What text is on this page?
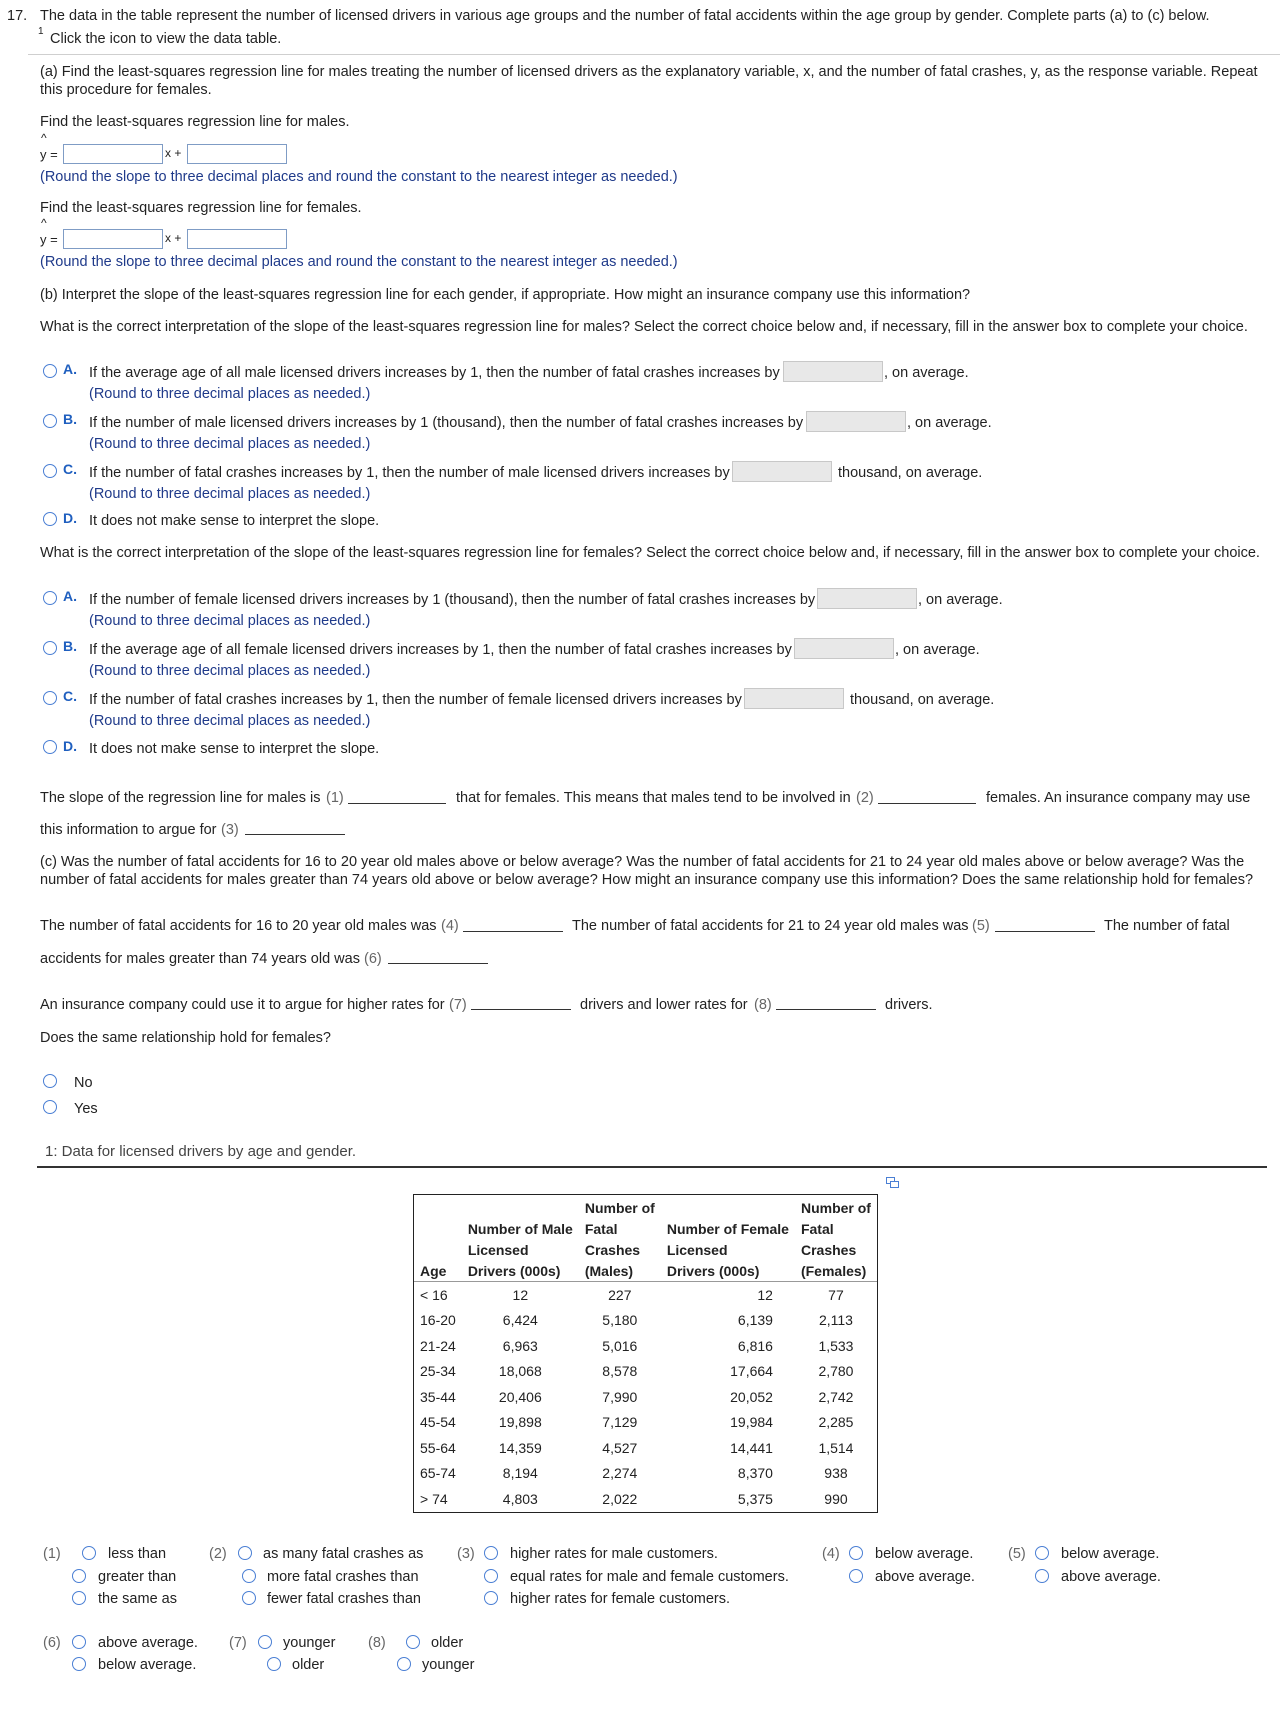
17. The data in the table represent the number of licensed drivers in various age groups and the number of fatal accidents within the age group by gender. Complete parts (a) to (c) below.
1 Click the icon to view the data table.
(a) Find the least-squares regression line for males treating the number of licensed drivers as the explanatory variable, x, and the number of fatal crashes, y, as the response variable. Repeat
this procedure for females.
Find the least-squares regression line for males.
^
y =	x +
(Round the slope to three decimal places and round the constant to the nearest integer as needed.)
Find the least-squares regression line for females.
^
y =	x +
(Round the slope to three decimal places and round the constant to the nearest integer as needed.)
(b) Interpret the slope of the least-squares regression line for each gender, if appropriate. How might an insurance company use this information?
What is the correct interpretation of the slope of the least-squares regression line for males? Select the correct choice below and, if necessary, fill in the answer box to complete your choice.
A. If the average age of all male licensed drivers increases by 1, then the number of fatal crashes increases by	, on average.
(Round to three decimal places as needed.)
B. If the number of male licensed drivers increases by 1 (thousand), then the number of fatal crashes increases by	, on average.
(Round to three decimal places as needed.)
C. If the number of fatal crashes increases by 1, then the number of male licensed drivers increases by	thousand, on average.
(Round to three decimal places as needed.)
D. It does not make sense to interpret the slope.
What is the correct interpretation of the slope of the least-squares regression line for females? Select the correct choice below and, if necessary, fill in the answer box to complete your choice.
A. If the number of female licensed drivers increases by 1 (thousand), then the number of fatal crashes increases by	, on average.
(Round to three decimal places as needed.)
B. If the average age of all female licensed drivers increases by 1, then the number of fatal crashes increases by	, on average.
(Round to three decimal places as needed.)
C. If the number of fatal crashes increases by 1, then the number of female licensed drivers increases by	thousand, on average.
(Round to three decimal places as needed.)
D. It does not make sense to interpret the slope.
The slope of the regression line for males is (1)	that for females. This means that males tend to be involved in (2)	females. An insurance company may use
this information to argue for (3)
(c) Was the number of fatal accidents for 16 to 20 year old males above or below average? Was the number of fatal accidents for 21 to 24 year old males above or below average? Was the
number of fatal accidents for males greater than 74 years old above or below average? How might an insurance company use this information? Does the same relationship hold for females?
The number of fatal accidents for 16 to 20 year old males was (4)	The number of fatal accidents for 21 to 24 year old males was (5)	The number of fatal
accidents for males greater than 74 years old was (6)
An insurance company could use it to argue for higher rates for (7)	drivers and lower rates for (8)	drivers.
Does the same relationship hold for females?
No
Yes
1: Data for licensed drivers by age and gender.
		Number of		Number of
	Number of Male	Fatal	Number of Female	Fatal
	Licensed	Crashes	Licensed	Crashes
Age	Drivers (000s)	(Males)	Drivers (000s)	(Females)

< 16	12	227	12	77
16-20	6,424	5,180	6,139	2,113
21-24	6,963	5,016	6,816	1,533
25-34	18,068	8,578	17,664	2,780
35-44	20,406	7,990	20,052	2,742
45-54	19,898	7,129	19,984	2,285
55-64	14,359	4,527	14,441	1,514
65-74	8,194	2,274	8,370	938
> 74	4,803	2,022	5,375	990
(1)	less than
greater than
the same as
(2)	as many fatal crashes as
more fatal crashes than
fewer fatal crashes than
(3) higher rates for male customers.
equal rates for male and female customers.
higher rates for female customers.
(4) below average.
above average.
(5) below average.
above average.
(6)	above average.
below average.
(7)	younger
older
(8)	older
younger
